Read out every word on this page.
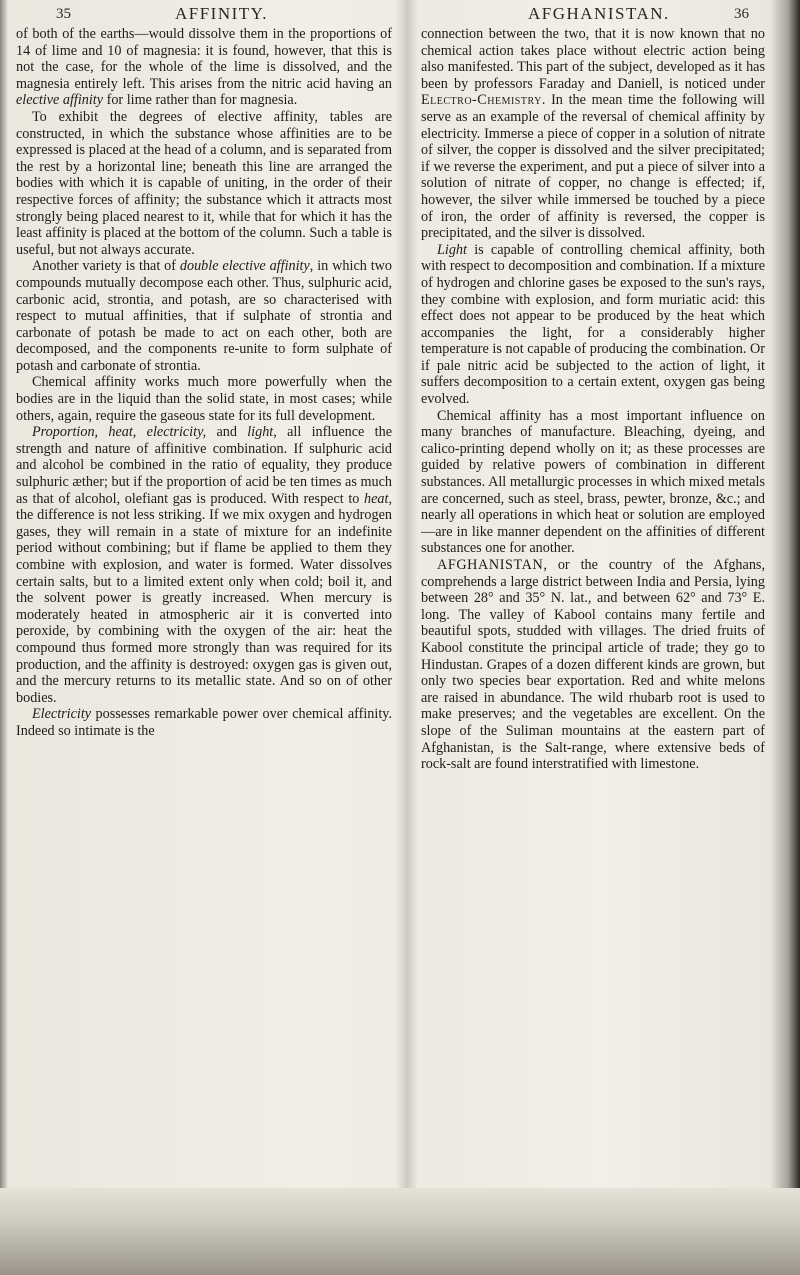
35	AFFINITY.	AFGHANISTAN.	36

of both of the earths—would dissolve them in the proportions of 14 of lime and 10 of magnesia: it is found, however, that this is not the case, for the whole of the lime is dissolved, and the magnesia entirely left. This arises from the nitric acid having an elective affinity for lime rather than for magnesia.

To exhibit the degrees of elective affinity, tables are constructed, in which the substance whose affinities are to be expressed is placed at the head of a column, and is separated from the rest by a horizontal line; beneath this line are arranged the bodies with which it is capable of uniting, in the order of their respective forces of affinity; the substance which it attracts most strongly being placed nearest to it, while that for which it has the least affinity is placed at the bottom of the column. Such a table is useful, but not always accurate.

Another variety is that of double elective affinity, in which two compounds mutually decompose each other. Thus, sulphuric acid, carbonic acid, strontia, and potash, are so characterised with respect to mutual affinities, that if sulphate of strontia and carbonate of potash be made to act on each other, both are decomposed, and the components re-unite to form sulphate of potash and carbonate of strontia.

Chemical affinity works much more powerfully when the bodies are in the liquid than the solid state, in most cases; while others, again, require the gaseous state for its full development.

Proportion, heat, electricity, and light, all influence the strength and nature of affinitive combination. If sulphuric acid and alcohol be combined in the ratio of equality, they produce sulphuric æther; but if the proportion of acid be ten times as much as that of alcohol, olefiant gas is produced. With respect to heat, the difference is not less striking. If we mix oxygen and hydrogen gases, they will remain in a state of mixture for an indefinite period without combining; but if flame be applied to them they combine with explosion, and water is formed. Water dissolves certain salts, but to a limited extent only when cold; boil it, and the solvent power is greatly increased. When mercury is moderately heated in atmospheric air it is converted into peroxide, by combining with the oxygen of the air: heat the compound thus formed more strongly than was required for its production, and the affinity is destroyed: oxygen gas is given out, and the mercury returns to its metallic state. And so on of other bodies.

Electricity possesses remarkable power over chemical affinity. Indeed so intimate is the

connection between the two, that it is now known that no chemical action takes place without electric action being also manifested. This part of the subject, developed as it has been by professors Faraday and Daniell, is noticed under Electro-Chemistry. In the mean time the following will serve as an example of the reversal of chemical affinity by electricity. Immerse a piece of copper in a solution of nitrate of silver, the copper is dissolved and the silver precipitated; if we reverse the experiment, and put a piece of silver into a solution of nitrate of copper, no change is effected; if, however, the silver while immersed be touched by a piece of iron, the order of affinity is reversed, the copper is precipitated, and the silver is dissolved.

Light is capable of controlling chemical affinity, both with respect to decomposition and combination. If a mixture of hydrogen and chlorine gases be exposed to the sun's rays, they combine with explosion, and form muriatic acid: this effect does not appear to be produced by the heat which accompanies the light, for a considerably higher temperature is not capable of producing the combination. Or if pale nitric acid be subjected to the action of light, it suffers decomposition to a certain extent, oxygen gas being evolved.

Chemical affinity has a most important influence on many branches of manufacture. Bleaching, dyeing, and calico-printing depend wholly on it; as these processes are guided by relative powers of combination in different substances. All metallurgic processes in which mixed metals are concerned, such as steel, brass, pewter, bronze, &c.; and nearly all operations in which heat or solution are employed—are in like manner dependent on the affinities of different substances one for another.

AFGHANISTAN, or the country of the Afghans, comprehends a large district between India and Persia, lying between 28° and 35° N. lat., and between 62° and 73° E. long. The valley of Kabool contains many fertile and beautiful spots, studded with villages. The dried fruits of Kabool constitute the principal article of trade; they go to Hindustan. Grapes of a dozen different kinds are grown, but only two species bear exportation. Red and white melons are raised in abundance. The wild rhubarb root is used to make preserves; and the vegetables are excellent. On the slope of the Suliman mountains at the eastern part of Afghanistan, is the Salt-range, where extensive beds of rock-salt are found interstratified with limestone.
